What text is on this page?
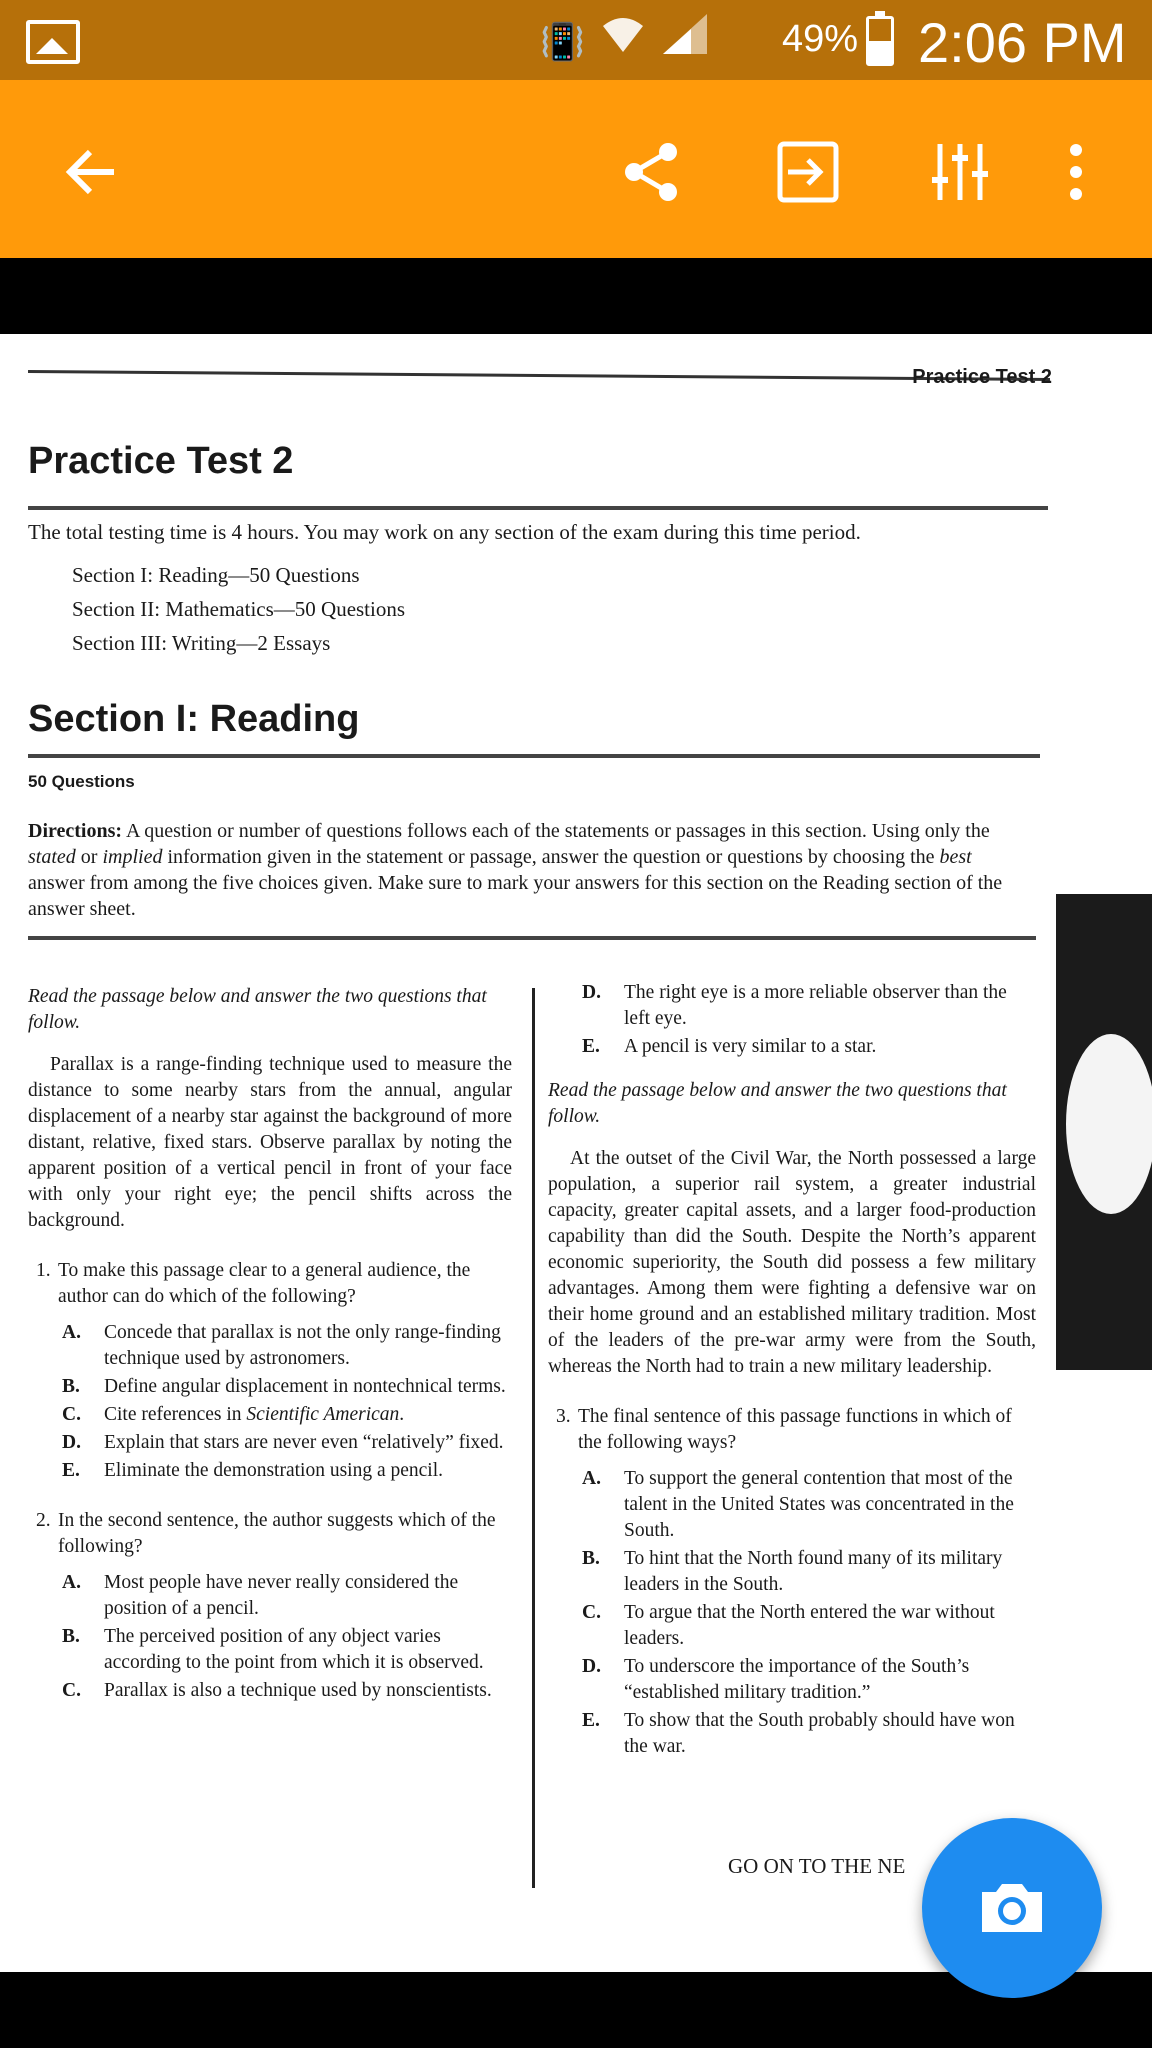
📳	49% 2:06 PM
Practice Test 2
Practice Test 2
The total testing time is 4 hours. You may work on any section of the exam during this time period.
Section I: Reading—50 Questions
Section II: Mathematics—50 Questions
Section III: Writing—2 Essays
Section I: Reading
50 Questions
Directions: A question or number of questions follows each of the statements or passages in this section. Using only the stated or implied information given in the statement or passage, answer the question or questions by choosing the best answer from among the five choices given. Make sure to mark your answers for this section on the Reading section of the answer sheet.
Read the passage below and answer the two questions that follow.
Parallax is a range-finding technique used to measure the distance to some nearby stars from the annual, angular displacement of a nearby star against the background of more distant, relative, fixed stars. Observe parallax by noting the apparent position of a vertical pencil in front of your face with only your right eye; the pencil shifts across the background.
1. To make this passage clear to a general audience, the author can do which of the following?
A.	Concede that parallax is not the only range-finding technique used by astronomers.
B.	Define angular displacement in nontechnical terms.
C.	Cite references in Scientific American.
D.	Explain that stars are never even “relatively” fixed.
E.	Eliminate the demonstration using a pencil.
2. In the second sentence, the author suggests which of the following?
A.	Most people have never really considered the position of a pencil.
B.	The perceived position of any object varies according to the point from which it is observed.
C.	Parallax is also a technique used by nonscientists.
D.	The right eye is a more reliable observer than the left eye.
E.	A pencil is very similar to a star.
Read the passage below and answer the two questions that follow.
At the outset of the Civil War, the North possessed a large population, a superior rail system, a greater industrial capacity, greater capital assets, and a larger food-production capability than did the South. Despite the North’s apparent economic superiority, the South did possess a few military advantages. Among them were fighting a defensive war on their home ground and an established military tradition. Most of the leaders of the pre-war army were from the South, whereas the North had to train a new military leadership.
3. The final sentence of this passage functions in which of the following ways?
A.	To support the general contention that most of the talent in the United States was concentrated in the South.
B.	To hint that the North found many of its military leaders in the South.
C.	To argue that the North entered the war without leaders.
D.	To underscore the importance of the South’s “established military tradition.”
E.	To show that the South probably should have won the war.
GO ON TO THE NE
